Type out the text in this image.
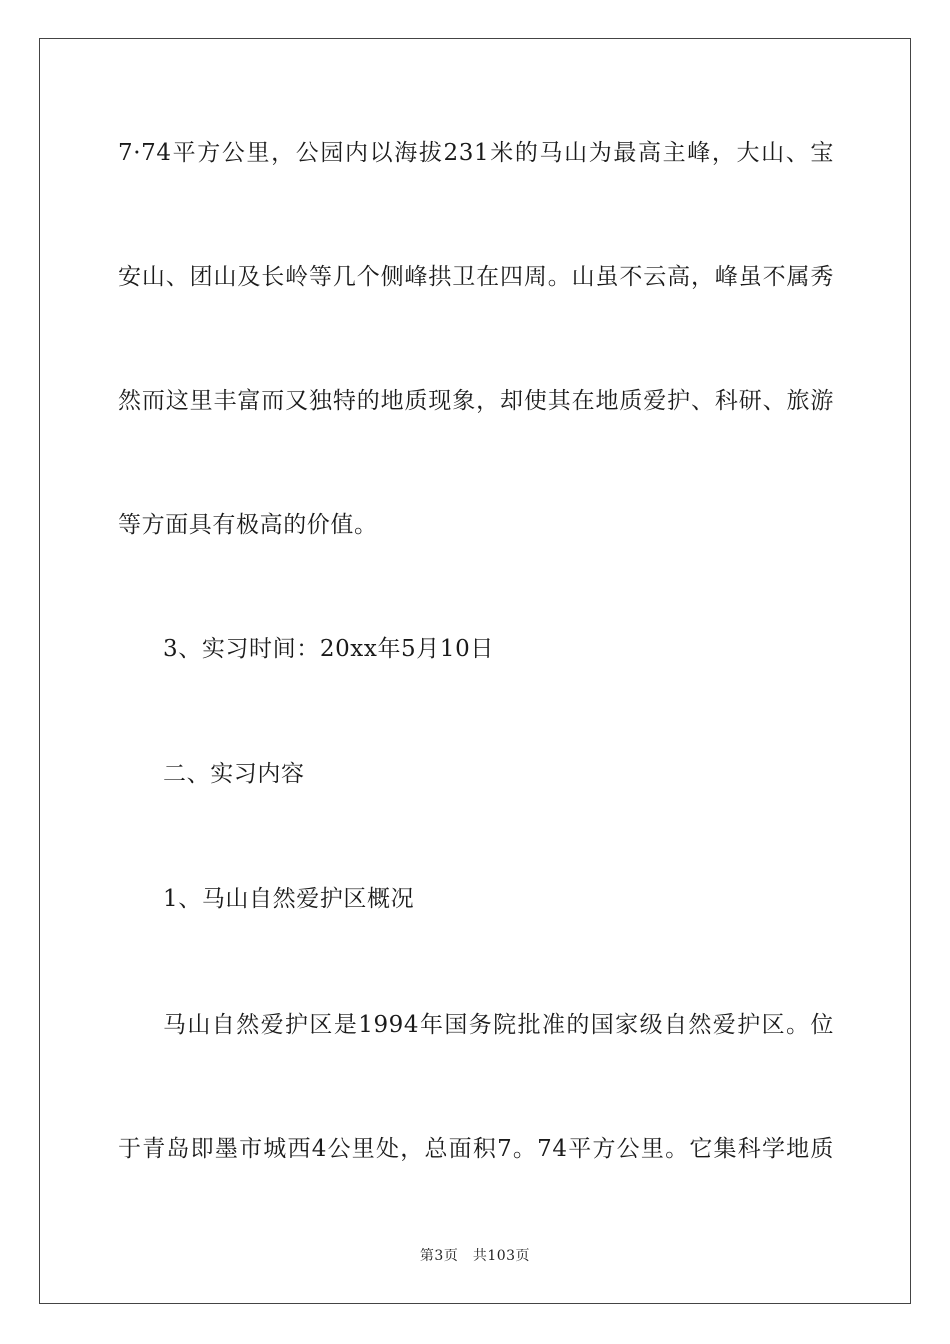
7·74平方公里，公园内以海拔231米的马山为最高主峰，大山、宝
安山、团山及长岭等几个侧峰拱卫在四周。山虽不云高，峰虽不属秀
然而这里丰富而又独特的地质现象，却使其在地质爱护、科研、旅游
等方面具有极高的价值。
3、实习时间：20xx年5月10日
二、实习内容
1、马山自然爱护区概况
马山自然爱护区是1994年国务院批准的国家级自然爱护区。位
于青岛即墨市城西4公里处，总面积7。74平方公里。它集科学地质
第3页　共103页
